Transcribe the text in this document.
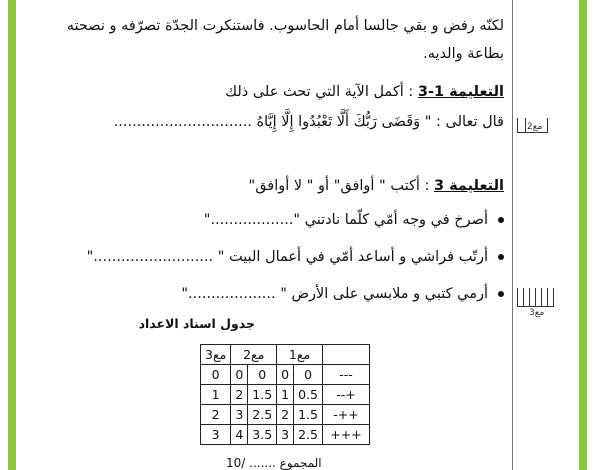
لكنّه رفض و بقي جالسا أمام الحاسوب. فاستنكرت الجدّة تصرّفه و نصحته
بطاعة والديه.
التعليمة 1-3 : أكمل الآية التي تحث على ذلك
قال تعالى : " وَقَضَى رَبُّكَ أَلَّا تَعْبُدُوا إِلَّا إِيَّاهُ ..............................
التعليمة 3 : أكتب " أوافق" أو " لا أوافق"
أصرخ في وجه أمّي كلّما نادتني ".................."
أرتّب فراشي و أساعد أمّي في أعمال البيت " .........................."
أرمي كتبي و ملابسي على الأرض " ..................."
جدول اسناد الاعداد
	مع1		مع2		مع3
---	0	0	0	0	0
+--	0.5	1	1.5	2	1
++-	1.5	2	2.5	3	2
+++	2.5	3	3.5	4	3
المجموع ....... /10
مع2
مع3
